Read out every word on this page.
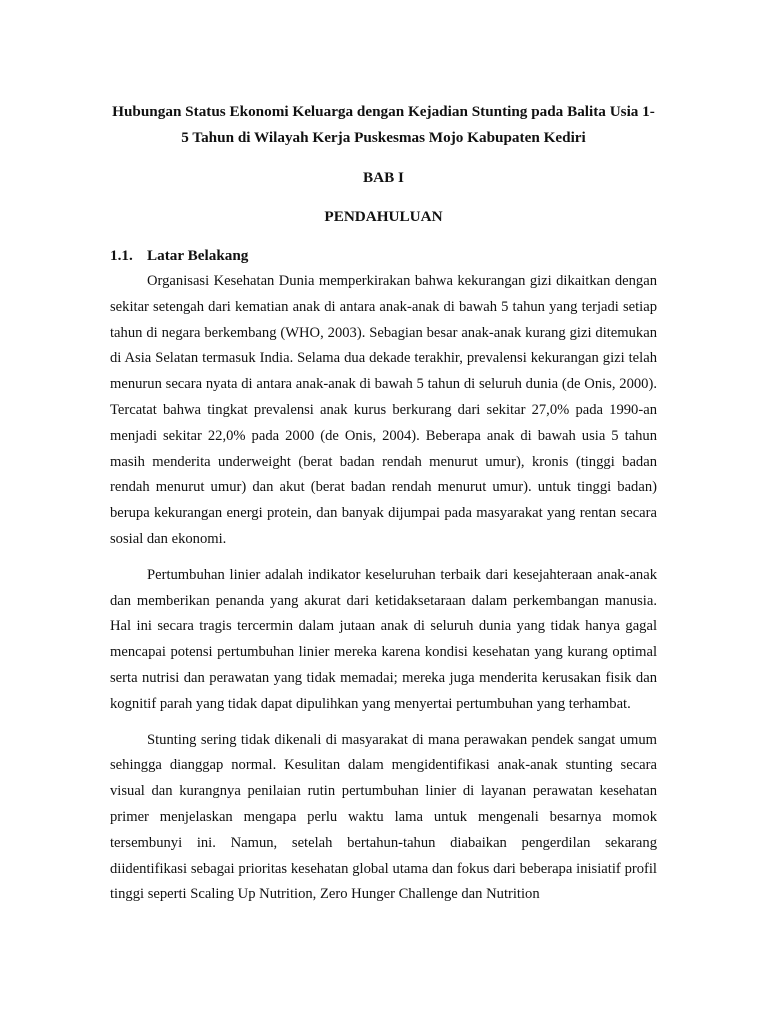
Hubungan Status Ekonomi Keluarga dengan Kejadian Stunting pada Balita Usia 1-5 Tahun di Wilayah Kerja Puskesmas Mojo Kabupaten Kediri

BAB I

PENDAHULUAN

1.1. Latar Belakang

Organisasi Kesehatan Dunia memperkirakan bahwa kekurangan gizi dikaitkan dengan sekitar setengah dari kematian anak di antara anak-anak di bawah 5 tahun yang terjadi setiap tahun di negara berkembang (WHO, 2003). Sebagian besar anak-anak kurang gizi ditemukan di Asia Selatan termasuk India. Selama dua dekade terakhir, prevalensi kekurangan gizi telah menurun secara nyata di antara anak-anak di bawah 5 tahun di seluruh dunia (de Onis, 2000). Tercatat bahwa tingkat prevalensi anak kurus berkurang dari sekitar 27,0% pada 1990-an menjadi sekitar 22,0% pada 2000 (de Onis, 2004). Beberapa anak di bawah usia 5 tahun masih menderita underweight (berat badan rendah menurut umur), kronis (tinggi badan rendah menurut umur) dan akut (berat badan rendah menurut umur). untuk tinggi badan) berupa kekurangan energi protein, dan banyak dijumpai pada masyarakat yang rentan secara sosial dan ekonomi.

Pertumbuhan linier adalah indikator keseluruhan terbaik dari kesejahteraan anak-anak dan memberikan penanda yang akurat dari ketidaksetaraan dalam perkembangan manusia. Hal ini secara tragis tercermin dalam jutaan anak di seluruh dunia yang tidak hanya gagal mencapai potensi pertumbuhan linier mereka karena kondisi kesehatan yang kurang optimal serta nutrisi dan perawatan yang tidak memadai; mereka juga menderita kerusakan fisik dan kognitif parah yang tidak dapat dipulihkan yang menyertai pertumbuhan yang terhambat.

Stunting sering tidak dikenali di masyarakat di mana perawakan pendek sangat umum sehingga dianggap normal. Kesulitan dalam mengidentifikasi anak-anak stunting secara visual dan kurangnya penilaian rutin pertumbuhan linier di layanan perawatan kesehatan primer menjelaskan mengapa perlu waktu lama untuk mengenali besarnya momok tersembunyi ini. Namun, setelah bertahun-tahun diabaikan pengerdilan sekarang diidentifikasi sebagai prioritas kesehatan global utama dan fokus dari beberapa inisiatif profil tinggi seperti Scaling Up Nutrition, Zero Hunger Challenge dan Nutrition
